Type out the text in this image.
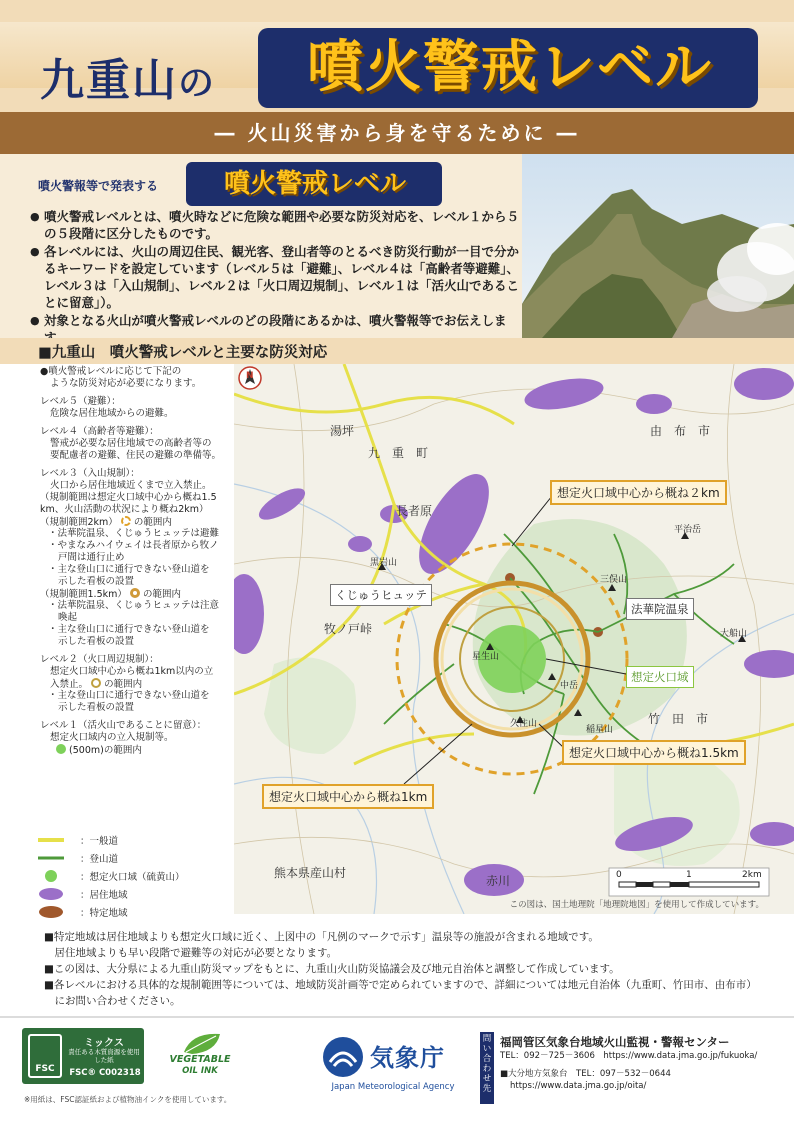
九重山の	噴火警戒レベル
― 火山災害から身を守るために ―
噴火警報等で発表する	噴火警戒レベル
● 噴火警戒レベルとは、噴火時などに危険な範囲や必要な防災対応を、レベル１から５の５段階に区分したものです。
● 各レベルには、火山の周辺住民、観光客、登山者等のとるべき防災行動が一目で分かるキーワードを設定しています（レベル５は「避難」、レベル４は「高齢者等避難」、レベル３は「入山規制」、レベル２は「火口周辺規制」、レベル１は「活火山であることに留意」）。
● 対象となる火山が噴火警戒レベルのどの段階にあるかは、噴火警報等でお伝えしま
■九重山　噴火警戒レベルと主要な防災対応
●噴火警戒レベルに応じて下記の
ような防災対応が必要になります。
レベル５（避難）：
危険な居住地域からの避難。
レベル４（高齢者等避難）：
警戒が必要な居住地域での高齢者等の
要配慮者の避難、住民の避難の準備等。
レベル３（入山規制）：
火口から居住地域近くまで立入禁止。
（規制範囲は想定火口域中心から概ね1.5
km、火山活動の状況により概ね2km）
（規制範囲2km） の範囲内
・法華院温泉、くじゅうヒュッテは避難
・やまなみハイウェイは長者原から牧ノ
戸間は通行止め
・主な登山口に通行できない登山道を
示した看板の設置
（規制範囲1.5km） の範囲内
・法華院温泉、くじゅうヒュッテは注意
喚起
・主な登山口に通行できない登山道を
示した看板の設置
レベル２（火口周辺規制）：
想定火口域中心から概ね1km以内の立
入禁止。 の範囲内
・主な登山口に通行できない登山道を
示した看板の設置
レベル１（活火山であることに留意）：
想定火口域内の立入規制等。
(500m)の範囲内
：一般道
：登山道
：想定火口域（硫黄山）
：居住地域
：特定地域
N
湯坪
九　重　町
由　布　市
長者原
牧ノ戸峠
竹　田　市
熊本県産山村
赤川
黒岩山
三俣山
星生山
中岳
久住山
稲星山
平治岳
大船山
想定火口域中心から概ね２km
想定火口域中心から概ね1.5km
想定火口域中心から概ね1km
想定火口域
くじゅうヒュッテ
法華院温泉
0	1	2km
この図は、国土地理院「地理院地図」を使用して作成しています。

■特定地域は居住地域よりも想定火口域に近く、上図中の「凡例のマークで示す」温泉等の施設が含まれる地域です。

　居住地域よりも早い段階で避難等の対応が必要となります。

■この図は、大分県による九重山防災マップをもとに、九重山火山防災協議会及び地元自治体と調整して作成しています。

■各レベルにおける具体的な規制範囲等については、地域防災計画等で定められていますので、詳細については地元自治体（九重町、竹田市、由布市）

　にお問い合わせください。

FSC
ミックス
責任ある木質資源を使用した紙
FSC® C002318
VEGETABLE
OIL INK
※用紙は、FSC認証紙および植物油インクを使用しています。
気象庁
Japan Meteorological Agency
問い合わせ先
福岡管区気象台地域火山監視・警報センター
TEL：092－725－3606　https://www.data.jma.go.jp/fukuoka/
■大分地方気象台　TEL：097－532－0644
https://www.data.jma.go.jp/oita/
